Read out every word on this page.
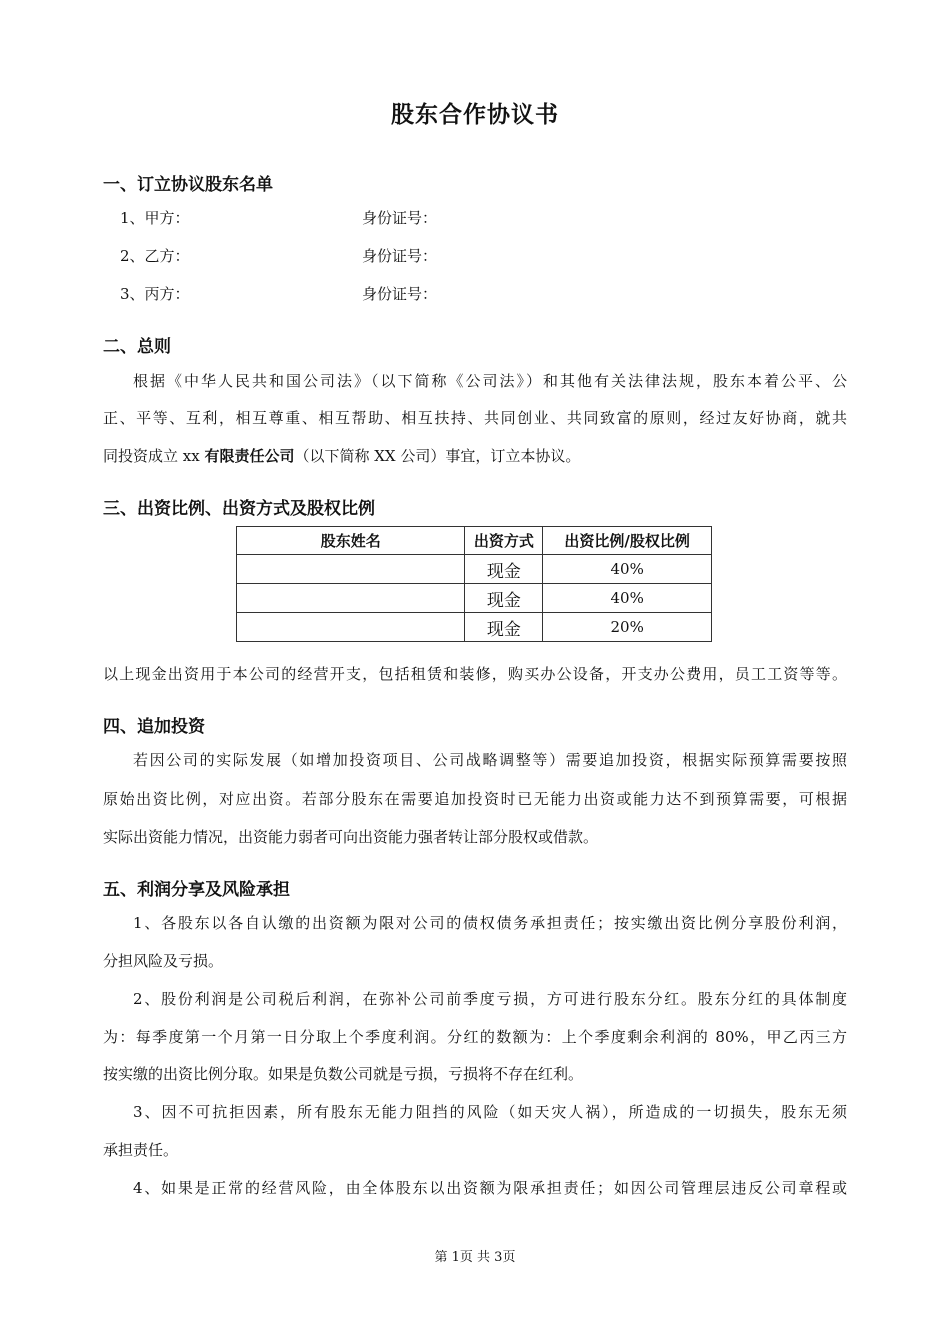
股东合作协议书
一、订立协议股东名单
1、甲方：	身份证号：
2、乙方：	身份证号：
3、丙方：	身份证号：
二、总则
根据《中华人民共和国公司法》（以下简称《公司法》）和其他有关法律法规，股东本着公平、公
正、平等、互利，相互尊重、相互帮助、相互扶持、共同创业、共同致富的原则，经过友好协商，就共
同投资成立 xx 有限责任公司（以下简称 XX 公司）事宜，订立本协议。
三、出资比例、出资方式及股权比例
股东姓名	出资方式	出资比例/股权比例
	现金	40%
	现金	40%
	现金	20%
以上现金出资用于本公司的经营开支，包括租赁和装修，购买办公设备，开支办公费用，员工工资等等。
四、追加投资
若因公司的实际发展（如增加投资项目、公司战略调整等）需要追加投资，根据实际预算需要按照
原始出资比例，对应出资。若部分股东在需要追加投资时已无能力出资或能力达不到预算需要，可根据
实际出资能力情况，出资能力弱者可向出资能力强者转让部分股权或借款。
五、利润分享及风险承担
1、各股东以各自认缴的出资额为限对公司的债权债务承担责任；按实缴出资比例分享股份利润，
分担风险及亏损。
2、股份利润是公司税后利润，在弥补公司前季度亏损，方可进行股东分红。股东分红的具体制度
为：每季度第一个月第一日分取上个季度利润。分红的数额为：上个季度剩余利润的 80%，甲乙丙三方
按实缴的出资比例分取。如果是负数公司就是亏损，亏损将不存在红利。
3、因不可抗拒因素，所有股东无能力阻挡的风险（如天灾人祸），所造成的一切损失，股东无须
承担责任。
4、如果是正常的经营风险，由全体股东以出资额为限承担责任；如因公司管理层违反公司章程或
第 1页 共 3页
